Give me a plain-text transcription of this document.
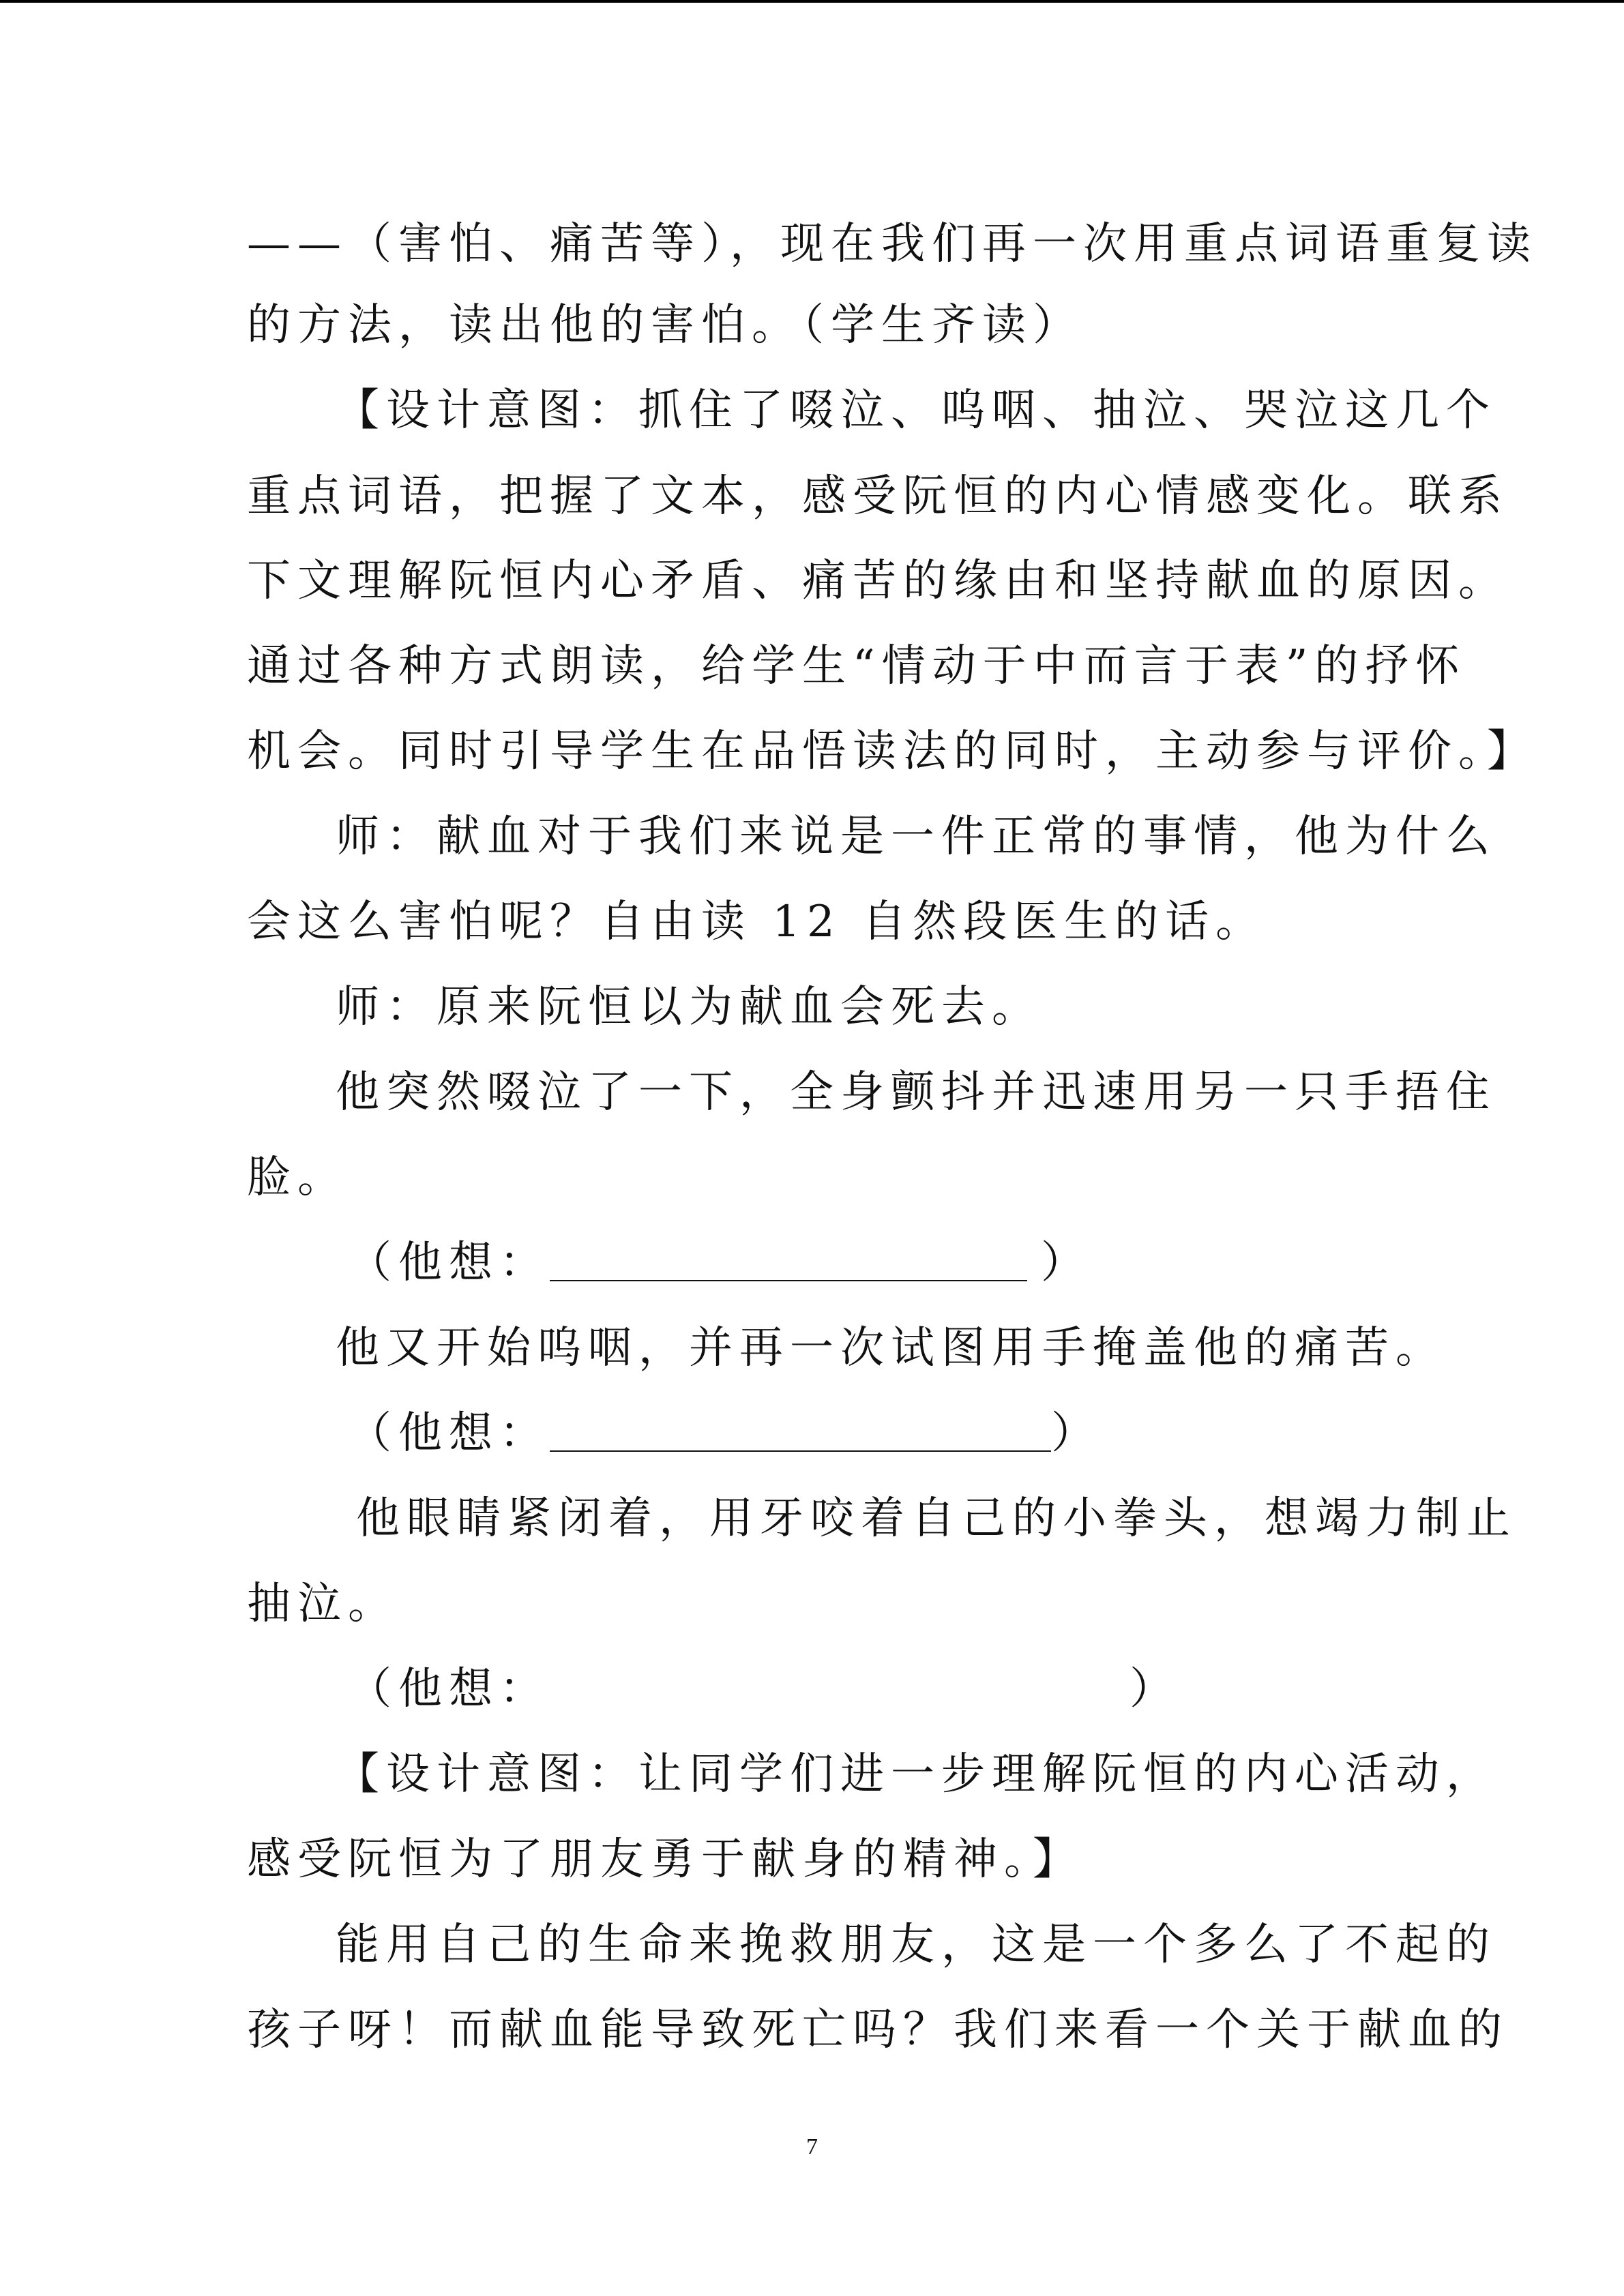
——（害怕、痛苦等），现在我们再一次用重点词语重复读
的方法，读出他的害怕。（学生齐读）
【设计意图：抓住了啜泣、呜咽、抽泣、哭泣这几个
重点词语，把握了文本，感受阮恒的内心情感变化。联系
下文理解阮恒内心矛盾、痛苦的缘由和坚持献血的原因。
通过各种方式朗读，给学生“情动于中而言于表”的抒怀
机会。同时引导学生在品悟读法的同时，主动参与评价。】
师：献血对于我们来说是一件正常的事情，他为什么
会这么害怕呢？自由读 12 自然段医生的话。
师：原来阮恒以为献血会死去。
他突然啜泣了一下，全身颤抖并迅速用另一只手捂住
脸。
（他想：	）
他又开始呜咽，并再一次试图用手掩盖他的痛苦。
（他想：	）
他眼睛紧闭着，用牙咬着自己的小拳头，想竭力制止
抽泣。
（他想：	）
【设计意图：让同学们进一步理解阮恒的内心活动，
感受阮恒为了朋友勇于献身的精神。】
能用自己的生命来挽救朋友，这是一个多么了不起的
孩子呀！而献血能导致死亡吗？我们来看一个关于献血的
7
